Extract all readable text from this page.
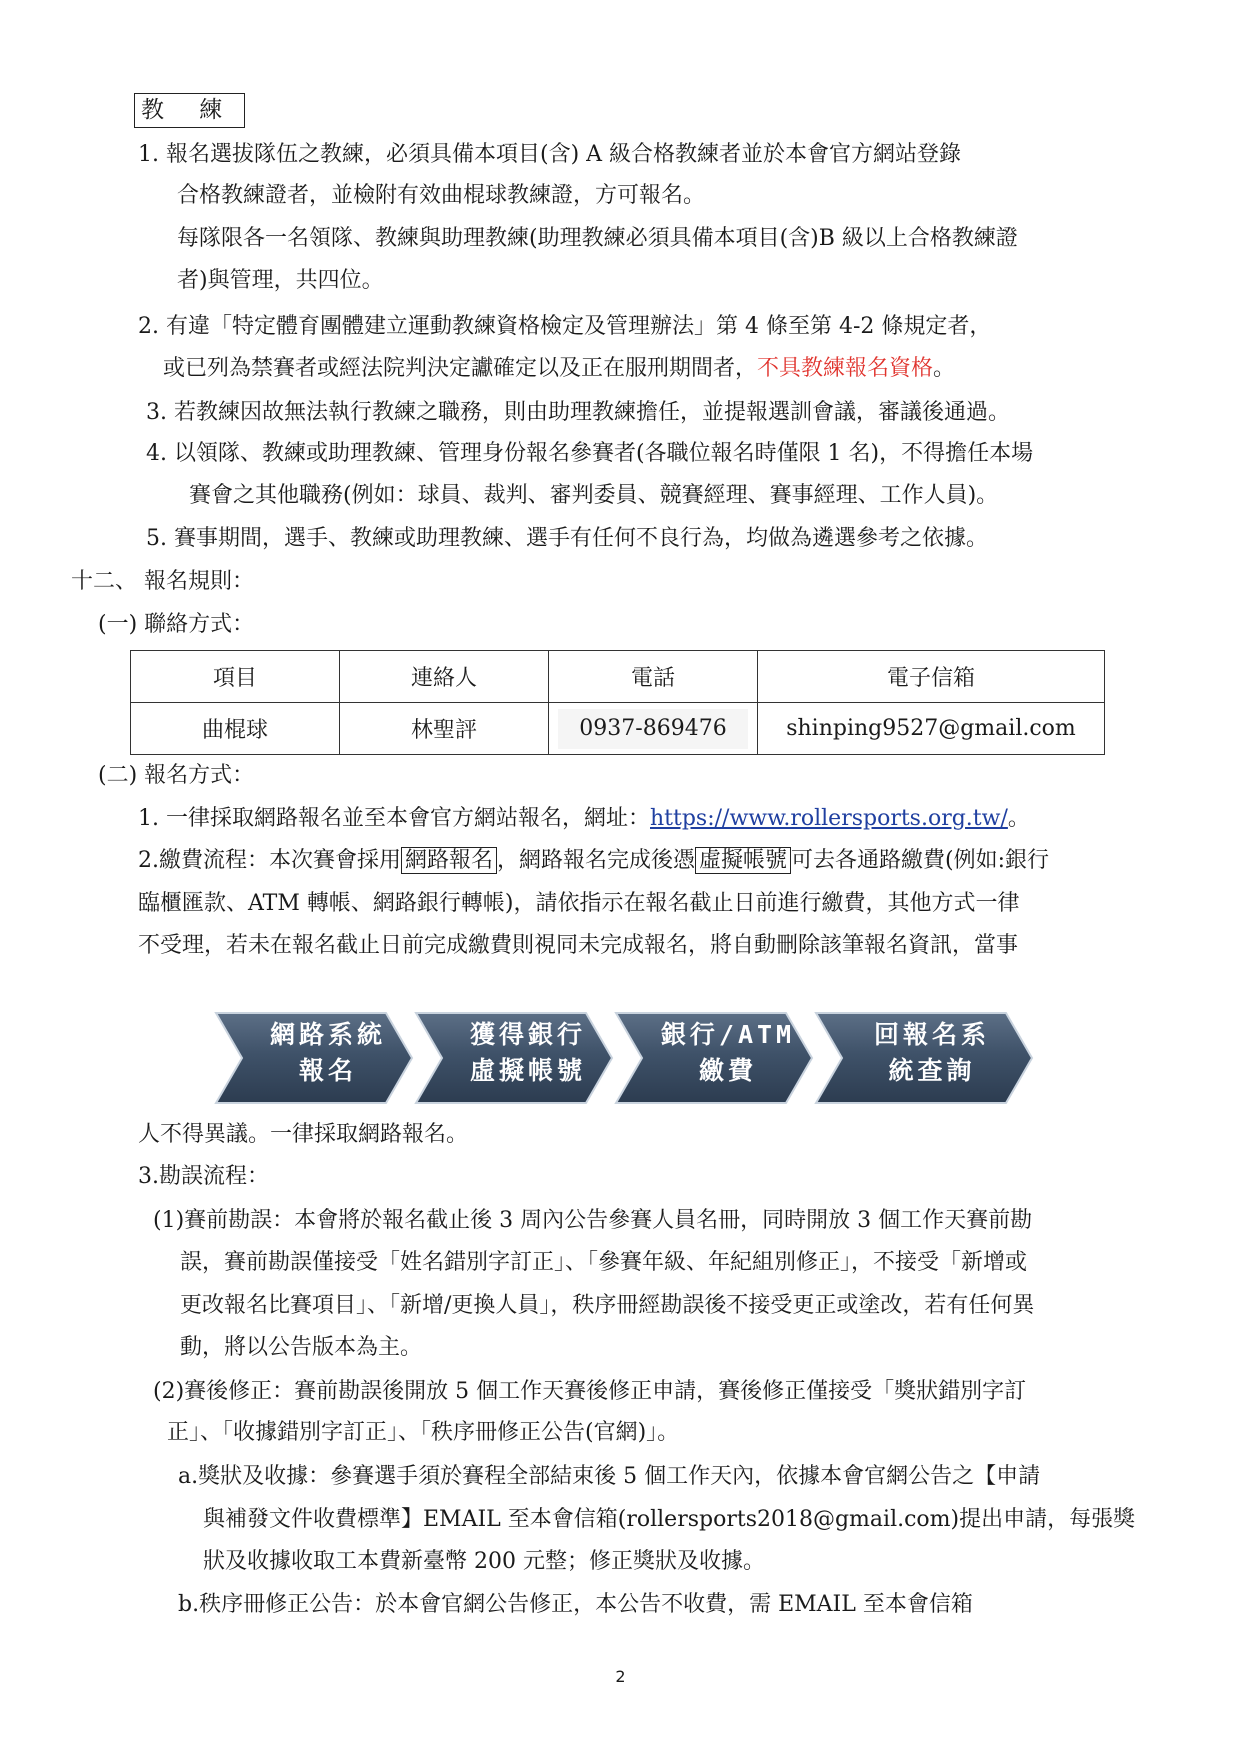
教 練
1. 報名選拔隊伍之教練，必須具備本項目(含) A 級合格教練者並於本會官方網站登錄
合格教練證者，並檢附有效曲棍球教練證，方可報名。
每隊限各一名領隊、教練與助理教練(助理教練必須具備本項目(含)B 級以上合格教練證
者)與管理，共四位。
2. 有違「特定體育團體建立運動教練資格檢定及管理辦法」第 4 條至第 4-2 條規定者，
或已列為禁賽者或經法院判決定讞確定以及正在服刑期間者，不具教練報名資格。
3. 若教練因故無法執行教練之職務，則由助理教練擔任，並提報選訓會議，審議後通過。
4. 以領隊、教練或助理教練、管理身份報名參賽者(各職位報名時僅限 1 名)，不得擔任本場
賽會之其他職務(例如：球員、裁判、審判委員、競賽經理、賽事經理、工作人員)。
5. 賽事期間，選手、教練或助理教練、選手有任何不良行為，均做為遴選參考之依據。
十二、 報名規則：
(一) 聯絡方式：
項目	連絡人	電話	電子信箱
曲棍球	林聖評	0937-869476	shinping9527@gmail.com
(二) 報名方式：
1. 一律採取網路報名並至本會官方網站報名，網址：https://www.rollersports.org.tw/。
2.繳費流程：本次賽會採用 網路報名 ，網路報名完成後憑 虛擬帳號 可去各通路繳費(例如:銀行
臨櫃匯款、ATM 轉帳、網路銀行轉帳)，請依指示在報名截止日前進行繳費，其他方式一律
不受理，若未在報名截止日前完成繳費則視同未完成報名，將自動刪除該筆報名資訊，當事
網路系統
報名
獲得銀行
虛擬帳號
銀行/ATM
繳費
回報名系
統查詢
人不得異議。一律採取網路報名。
3.勘誤流程：
(1)賽前勘誤：本會將於報名截止後 3 周內公告參賽人員名冊，同時開放 3 個工作天賽前勘
誤，賽前勘誤僅接受「姓名錯別字訂正」、「參賽年級、年紀組別修正」，不接受「新增或
更改報名比賽項目」、「新增/更換人員」，秩序冊經勘誤後不接受更正或塗改，若有任何異
動，將以公告版本為主。
(2)賽後修正：賽前勘誤後開放 5 個工作天賽後修正申請，賽後修正僅接受「獎狀錯別字訂
正」、「收據錯別字訂正」、「秩序冊修正公告(官網)」。
a.獎狀及收據：參賽選手須於賽程全部結束後 5 個工作天內，依據本會官網公告之【申請
與補發文件收費標準】EMAIL 至本會信箱(rollersports2018@gmail.com)提出申請，每張獎
狀及收據收取工本費新臺幣 200 元整；修正獎狀及收據。
b.秩序冊修正公告：於本會官網公告修正，本公告不收費，需 EMAIL 至本會信箱
2
